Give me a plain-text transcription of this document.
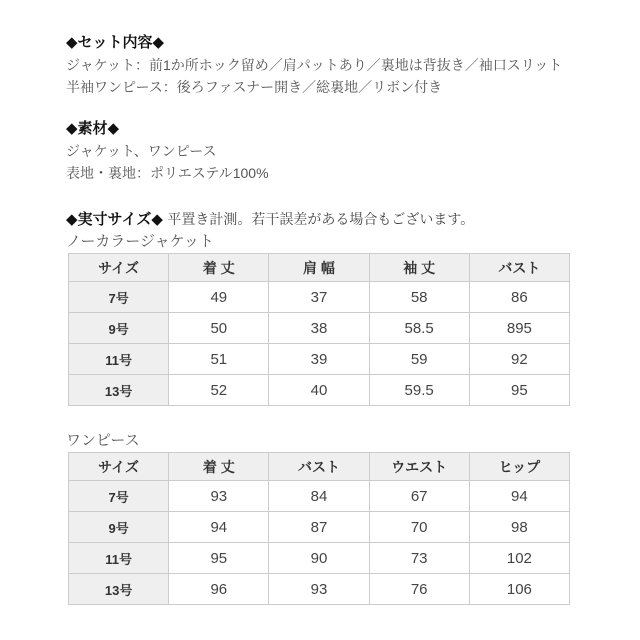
◆セット内容◆

ジャケット：前1か所ホック留め／肩パットあり／裏地は背抜き／袖口スリット

半袖ワンピース：後ろファスナー開き／総裏地／リボン付き

◆素材◆

ジャケット、ワンピース

表地・裏地：ポリエステル100%

◆実寸サイズ◆ 平置き計測。若干誤差がある場合もございます。

ノーカラージャケット

サイズ	着 丈	肩 幅	袖 丈	バスト
7号	49	37	58	86
9号	50	38	58.5	895
11号	51	39	59	92
13号	52	40	59.5	95

ワンピース

サイズ	着 丈	バスト	ウエスト	ヒップ
7号	93	84	67	94
9号	94	87	70	98
11号	95	90	73	102
13号	96	93	76	106
